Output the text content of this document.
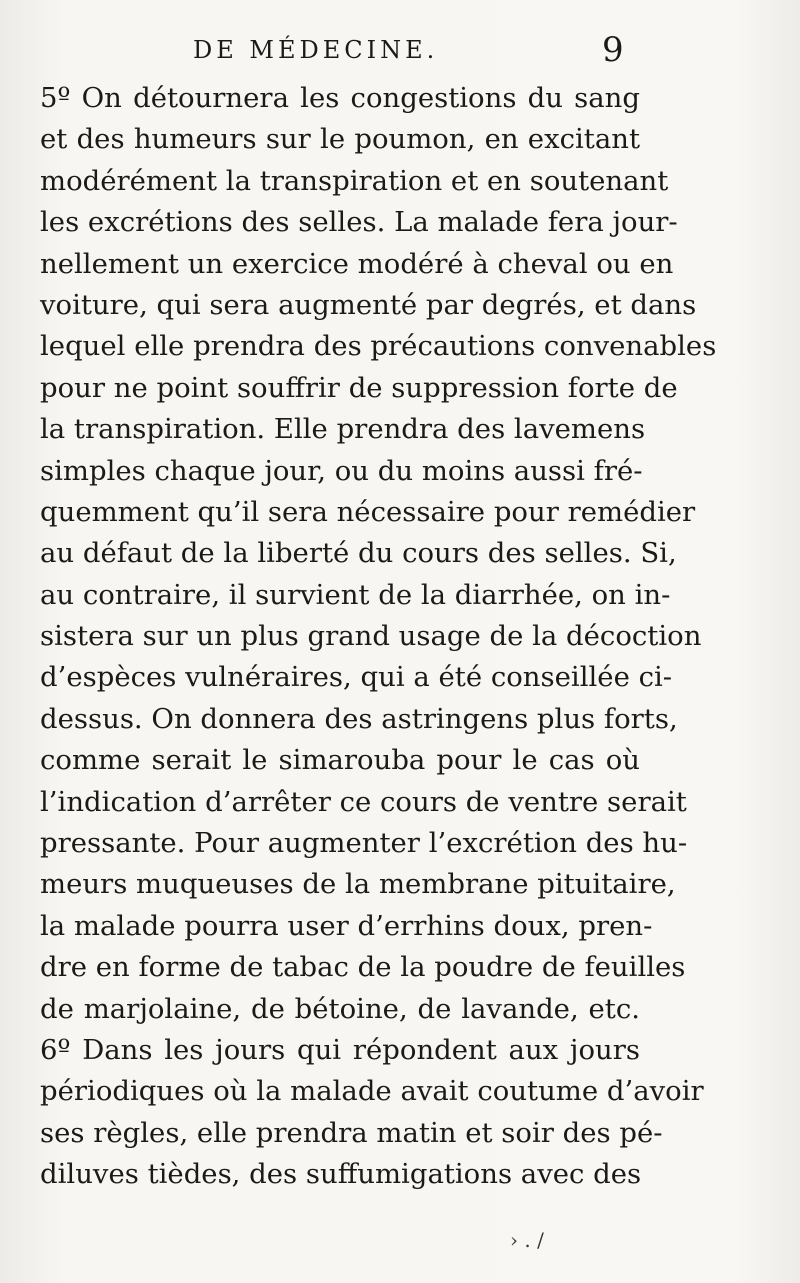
DE MÉDECINE.	9
5º On détournera les congestions du sang
et des humeurs sur le poumon, en excitant
modérément la transpiration et en soutenant
les excrétions des selles. La malade fera jour-
nellement un exercice modéré à cheval ou en
voiture, qui sera augmenté par degrés, et dans
lequel elle prendra des précautions convenables
pour ne point souffrir de suppression forte de
la transpiration. Elle prendra des lavemens
simples chaque jour, ou du moins aussi fré-
quemment qu’il sera nécessaire pour remédier
au défaut de la liberté du cours des selles. Si,
au contraire, il survient de la diarrhée, on in-
sistera sur un plus grand usage de la décoction
d’espèces vulnéraires, qui a été conseillée ci-
dessus. On donnera des astringens plus forts,
comme serait le simarouba pour le cas où
l’indication d’arrêter ce cours de ventre serait
pressante. Pour augmenter l’excrétion des hu-
meurs muqueuses de la membrane pituitaire,
la malade pourra user d’errhins doux, pren-
dre en forme de tabac de la poudre de feuilles
de marjolaine, de bétoine, de lavande, etc.
6º Dans les jours qui répondent aux jours
périodiques où la malade avait coutume d’avoir
ses règles, elle prendra matin et soir des pé-
diluves tièdes, des suffumigations avec des
› . /
